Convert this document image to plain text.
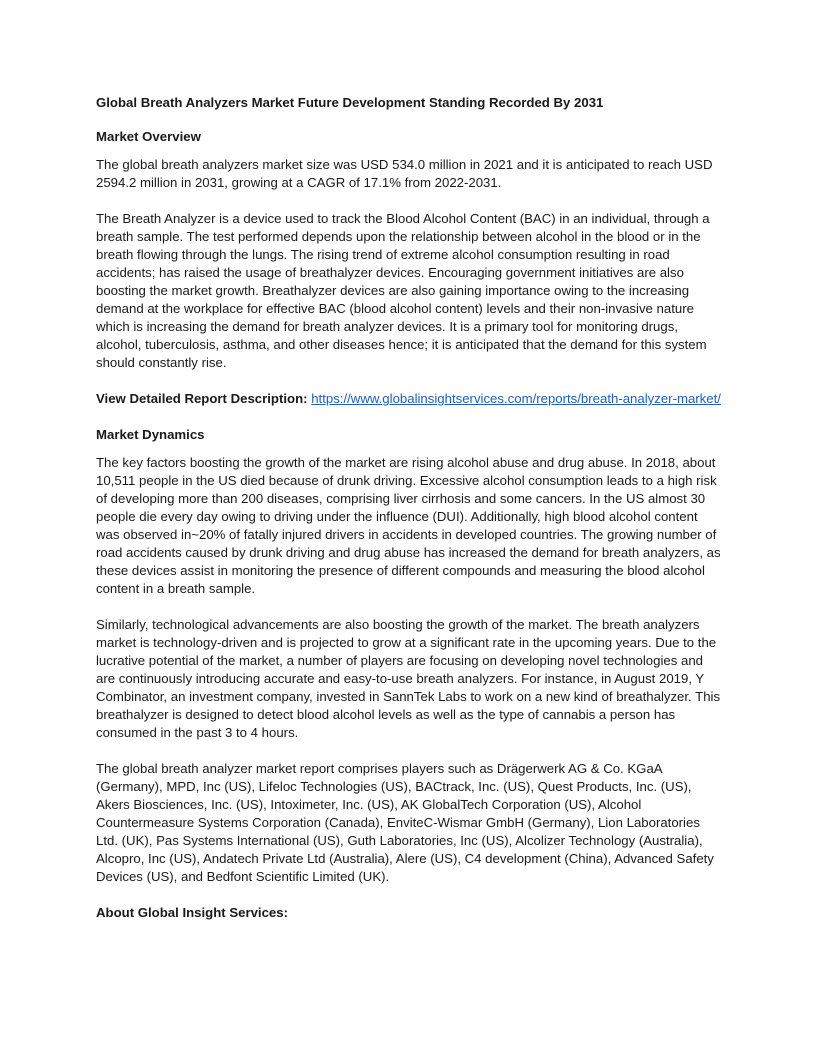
Global Breath Analyzers Market Future Development Standing Recorded By 2031
Market Overview

The global breath analyzers market size was USD 534.0 million in 2021 and it is anticipated to reach USD 2594.2 million in 2031, growing at a CAGR of 17.1% from 2022-2031.

The Breath Analyzer is a device used to track the Blood Alcohol Content (BAC) in an individual, through a breath sample. The test performed depends upon the relationship between alcohol in the blood or in the breath flowing through the lungs. The rising trend of extreme alcohol consumption resulting in road accidents; has raised the usage of breathalyzer devices. Encouraging government initiatives are also boosting the market growth. Breathalyzer devices are also gaining importance owing to the increasing demand at the workplace for effective BAC (blood alcohol content) levels and their non-invasive nature which is increasing the demand for breath analyzer devices. It is a primary tool for monitoring drugs, alcohol, tuberculosis, asthma, and other diseases hence; it is anticipated that the demand for this system should constantly rise.

View Detailed Report Description: https://www.globalinsightservices.com/reports/breath-analyzer-market/
Market Dynamics

The key factors boosting the growth of the market are rising alcohol abuse and drug abuse. In 2018, about 10,511 people in the US died because of drunk driving. Excessive alcohol consumption leads to a high risk of developing more than 200 diseases, comprising liver cirrhosis and some cancers. In the US almost 30 people die every day owing to driving under the influence (DUI). Additionally, high blood alcohol content was observed in~20% of fatally injured drivers in accidents in developed countries. The growing number of road accidents caused by drunk driving and drug abuse has increased the demand for breath analyzers, as these devices assist in monitoring the presence of different compounds and measuring the blood alcohol content in a breath sample.

Similarly, technological advancements are also boosting the growth of the market. The breath analyzers market is technology-driven and is projected to grow at a significant rate in the upcoming years. Due to the lucrative potential of the market, a number of players are focusing on developing novel technologies and are continuously introducing accurate and easy-to-use breath analyzers. For instance, in August 2019, Y Combinator, an investment company, invested in SannTek Labs to work on a new kind of breathalyzer. This breathalyzer is designed to detect blood alcohol levels as well as the type of cannabis a person has consumed in the past 3 to 4 hours.

The global breath analyzer market report comprises players such as Drägerwerk AG & Co. KGaA (Germany), MPD, Inc (US), Lifeloc Technologies (US), BACtrack, Inc. (US), Quest Products, Inc. (US), Akers Biosciences, Inc. (US), Intoximeter, Inc. (US), AK GlobalTech Corporation (US), Alcohol Countermeasure Systems Corporation (Canada), EnviteC-Wismar GmbH (Germany), Lion Laboratories Ltd. (UK), Pas Systems International (US), Guth Laboratories, Inc (US), Alcolizer Technology (Australia), Alcopro, Inc (US), Andatech Private Ltd (Australia), Alere (US), C4 development (China), Advanced Safety Devices (US), and Bedfont Scientific Limited (UK).

About Global Insight Services:
